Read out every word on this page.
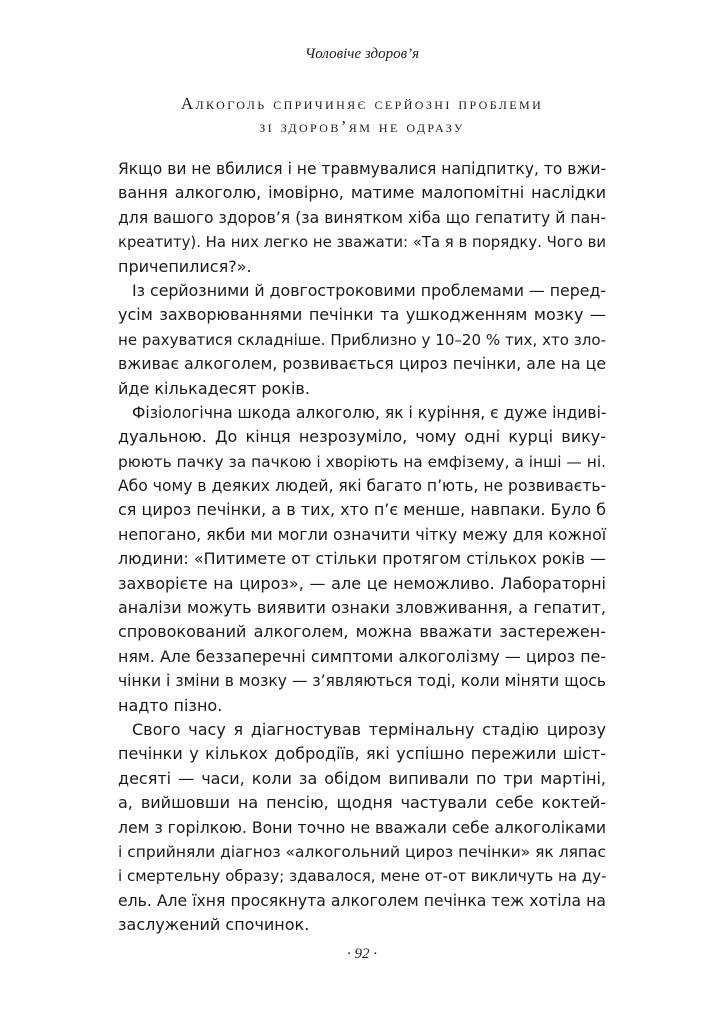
Чоловіче здоров’я
Алкоголь спричиняє серйозні проблеми
зі здоров’ям не одразу
Якщо ви не вбилися і не травмувалися напідпитку, то вжи-
вання алкоголю, імовірно, матиме малопомітні наслідки
для вашого здоров’я (за винятком хіба що гепатиту й пан-
креатиту). На них легко не зважати: «Та я в порядку. Чого ви
причепилися?».
Із серйозними й довгостроковими проблемами — перед-
усім захворюваннями печінки та ушкодженням мозку —
не рахуватися складніше. Приблизно у 10–20 % тих, хто зло-
вживає алкоголем, розвивається цироз печінки, але на це
йде кількадесят років.
Фізіологічна шкода алкоголю, як і куріння, є дуже індиві-
дуальною. До кінця незрозуміло, чому одні курці вику-
рюють пачку за пачкою і хворіють на емфізему, а інші — ні.
Або чому в деяких людей, які багато п’ють, не розвиваєть-
ся цироз печінки, а в тих, хто п’є менше, навпаки. Було б
непогано, якби ми могли означити чітку межу для кожної
людини: «Питимете от стільки протягом стількох років —
захворієте на цироз», — але це неможливо. Лабораторні
аналізи можуть виявити ознаки зловживання, а гепатит,
спровокований алкоголем, можна вважати застережен-
ням. Але беззаперечні симптоми алкоголізму — цироз пе-
чінки і зміни в мозку — з’являються тоді, коли міняти щось
надто пізно.
Свого часу я діагностував термінальну стадію цирозу
печінки у кількох добродіїв, які успішно пережили шіст-
десяті — часи, коли за обідом випивали по три мартіні,
а, вийшовши на пенсію, щодня частували себе коктей-
лем з горілкою. Вони точно не вважали себе алкоголіками
і сприйняли діагноз «алкогольний цироз печінки» як ляпас
і смертельну образу; здавалося, мене от-от викличуть на ду-
ель. Але їхня просякнута алкоголем печінка теж хотіла на
заслужений спочинок.
· 92 ·
